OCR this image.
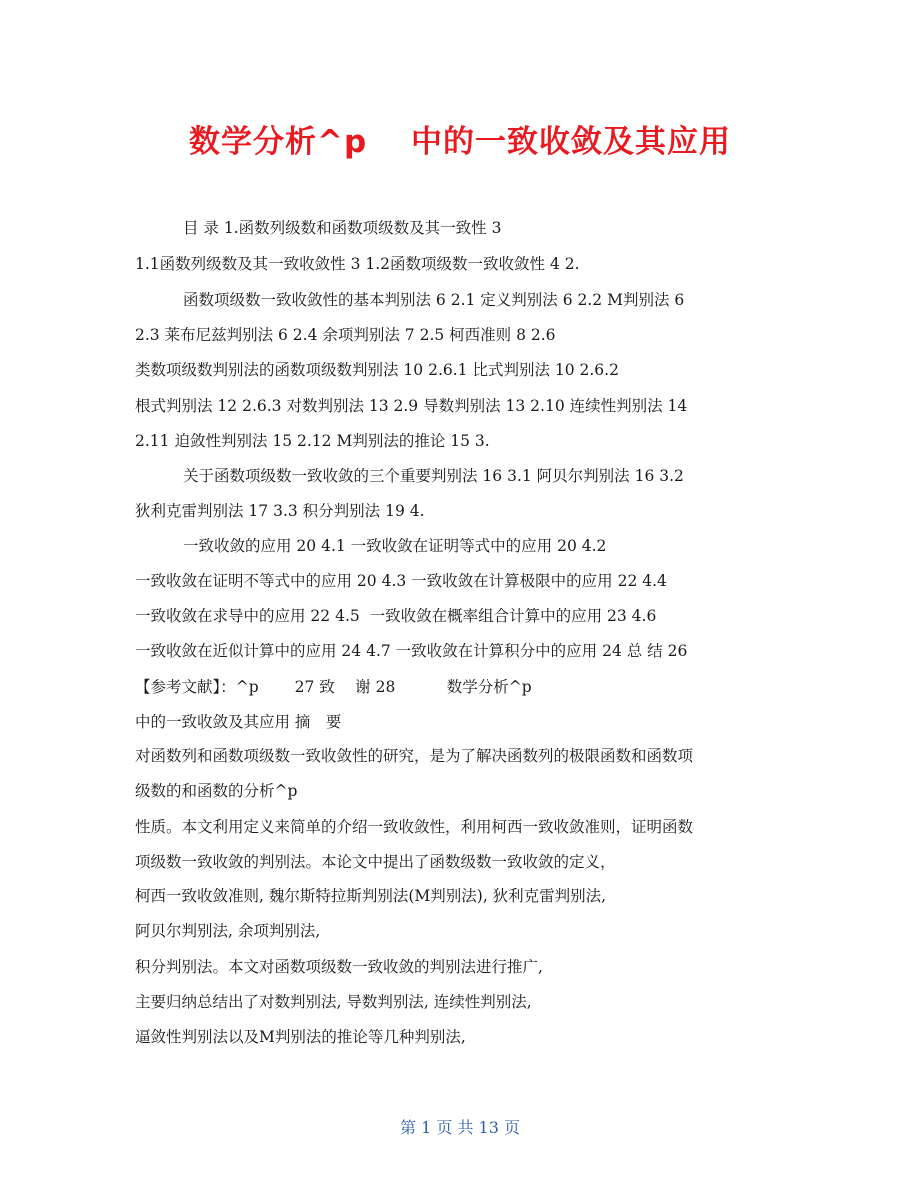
数学分析^p　 中的一致收敛及其应用
目 录 1.函数列级数和函数项级数及其一致性 3
1.1函数列级数及其一致收敛性 3 1.2函数项级数一致收敛性 4 2.
函数项级数一致收敛性的基本判别法 6 2.1 定义判别法 6 2.2 M判别法 6
2.3 莱布尼兹判别法 6 2.4 余项判别法 7 2.5 柯西准则 8 2.6
类数项级数判别法的函数项级数判别法 10 2.6.1 比式判别法 10 2.6.2
根式判别法 12 2.6.3 对数判别法 13 2.9 导数判别法 13 2.10 连续性判别法 14
2.11 迫敛性判别法 15 2.12 M判别法的推论 15 3.
关于函数项级数一致收敛的三个重要判别法 16 3.1 阿贝尔判别法 16 3.2
狄利克雷判别法 17 3.3 积分判别法 19 4.
一致收敛的应用 20 4.1 一致收敛在证明等式中的应用 20 4.2
一致收敛在证明不等式中的应用 20 4.3 一致收敛在计算极限中的应用 22 4.4
一致收敛在求导中的应用 22 4.5  一致收敛在概率组合计算中的应用 23 4.6
一致收敛在近似计算中的应用 24 4.7 一致收敛在计算积分中的应用 24 总 结 26
【参考文献】：^p　　 27 致　 谢 28　　　 数学分析^p
中的一致收敛及其应用 摘　要
对函数列和函数项级数一致收敛性的研究，是为了解决函数列的极限函数和函数项
级数的和函数的分析^p
性质。本文利用定义来简单的介绍一致收敛性，利用柯西一致收敛准则，证明函数
项级数一致收敛的判别法。本论文中提出了函数级数一致收敛的定义，
柯西一致收敛准则, 魏尔斯特拉斯判别法(M判别法), 狄利克雷判别法,
阿贝尔判别法, 余项判别法,
积分判别法。本文对函数项级数一致收敛的判别法进行推广,
主要归纳总结出了对数判别法, 导数判别法, 连续性判别法,
逼敛性判别法以及M判别法的推论等几种判别法,
第 1 页 共 13 页
